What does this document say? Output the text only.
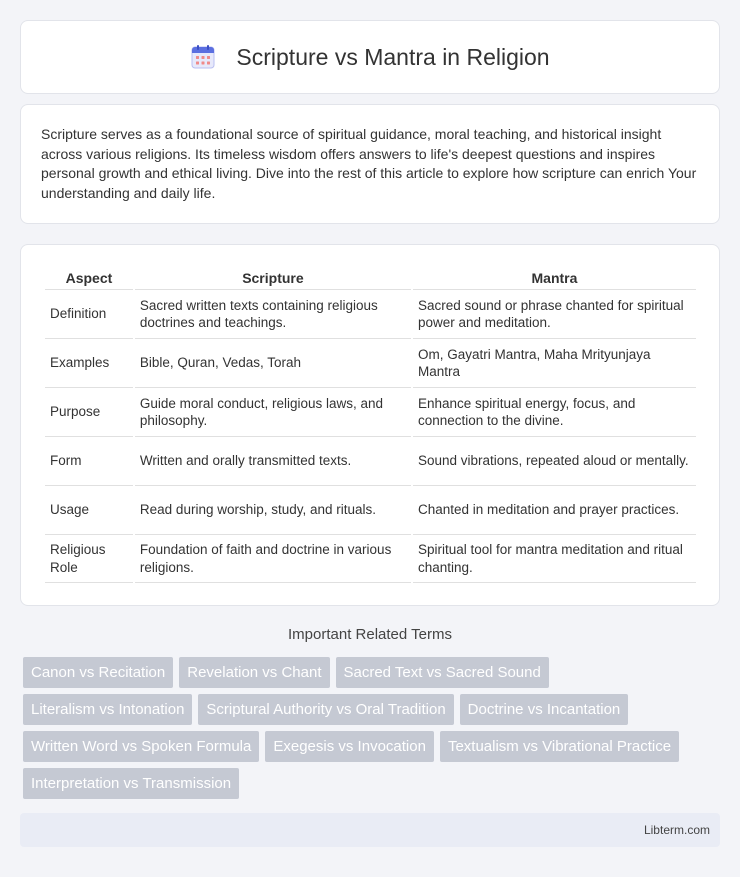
Scripture vs Mantra in Religion

Scripture serves as a foundational source of spiritual guidance, moral teaching, and historical insight across various religions. Its timeless wisdom offers answers to life's deepest questions and inspires personal growth and ethical living. Dive into the rest of this article to explore how scripture can enrich Your understanding and daily life.

Aspect	Scripture	Mantra
Definition	Sacred written texts containing religious doctrines and teachings.	Sacred sound or phrase chanted for spiritual power and meditation.
Examples	Bible, Quran, Vedas, Torah	Om, Gayatri Mantra, Maha Mrityunjaya Mantra
Purpose	Guide moral conduct, religious laws, and philosophy.	Enhance spiritual energy, focus, and connection to the divine.
Form	Written and orally transmitted texts.	Sound vibrations, repeated aloud or mentally.
Usage	Read during worship, study, and rituals.	Chanted in meditation and prayer practices.
Religious Role	Foundation of faith and doctrine in various religions.	Spiritual tool for mantra meditation and ritual chanting.
Important Related Terms
Canon vs Recitation	Revelation vs Chant	Sacred Text vs Sacred Sound
Literalism vs Intonation	Scriptural Authority vs Oral Tradition	Doctrine vs Incantation
Written Word vs Spoken Formula	Exegesis vs Invocation	Textualism vs Vibrational Practice
Interpretation vs Transmission
Libterm.com
